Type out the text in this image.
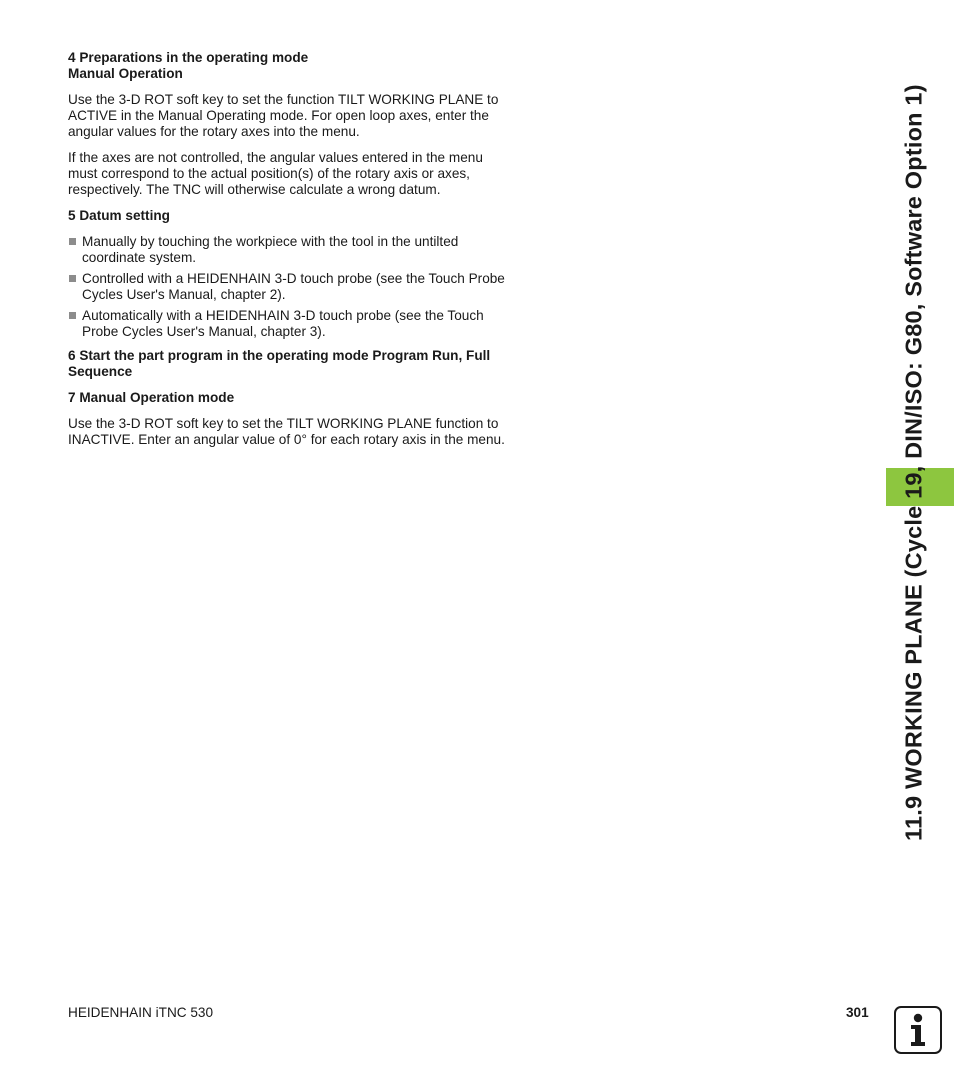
4 Preparations in the operating mode

Manual Operation

Use the 3-D ROT soft key to set the function TILT WORKING PLANE to ACTIVE in the Manual Operating mode. For open loop axes, enter the angular values for the rotary axes into the menu.

If the axes are not controlled, the angular values entered in the menu must correspond to the actual position(s) of the rotary axis or axes, respectively. The TNC will otherwise calculate a wrong datum.

5 Datum setting

Manually by touching the workpiece with the tool in the untilted coordinate system.
Controlled with a HEIDENHAIN 3-D touch probe (see the Touch Probe Cycles User's Manual, chapter 2).
Automatically with a HEIDENHAIN 3-D touch probe (see the Touch Probe Cycles User's Manual, chapter 3).

6 Start the part program in the operating mode Program Run, Full Sequence

7 Manual Operation mode

Use the 3-D ROT soft key to set the TILT WORKING PLANE function to INACTIVE. Enter an angular value of 0° for each rotary axis in the menu.	11.9 WORKING PLANE (Cycle 19, DIN/ISO: G80, Software Option 1)
HEIDENHAIN iTNC 530	301
